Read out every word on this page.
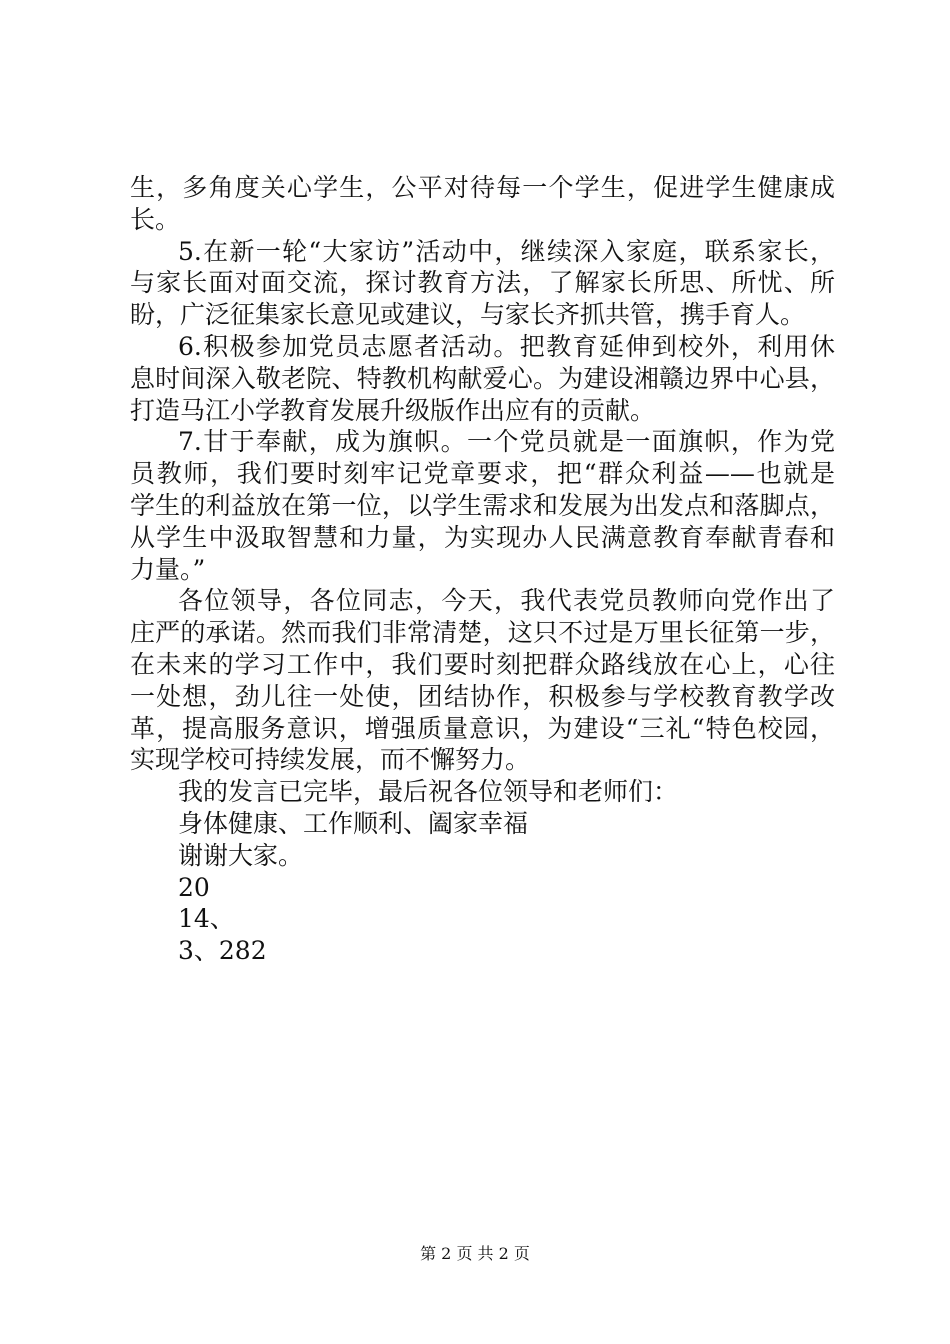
生，多角度关心学生，公平对待每一个学生，促进学生健康成
长。
5.在新一轮“大家访”活动中，继续深入家庭，联系家长，
与家长面对面交流，探讨教育方法，了解家长所思、所忧、所
盼，广泛征集家长意见或建议，与家长齐抓共管，携手育人。
6.积极参加党员志愿者活动。把教育延伸到校外，利用休
息时间深入敬老院、特教机构献爱心。为建设湘赣边界中心县，
打造马江小学教育发展升级版作出应有的贡献。
7.甘于奉献，成为旗帜。一个党员就是一面旗帜，作为党
员教师，我们要时刻牢记党章要求，把“群众利益——也就是
学生的利益放在第一位，以学生需求和发展为出发点和落脚点，
从学生中汲取智慧和力量，为实现办人民满意教育奉献青春和
力量。”
各位领导，各位同志，今天，我代表党员教师向党作出了
庄严的承诺。然而我们非常清楚，这只不过是万里长征第一步，
在未来的学习工作中，我们要时刻把群众路线放在心上，心往
一处想，劲儿往一处使，团结协作，积极参与学校教育教学改
革，提高服务意识，增强质量意识，为建设“三礼“特色校园，
实现学校可持续发展，而不懈努力。
我的发言已完毕，最后祝各位领导和老师们：
身体健康、工作顺利、阖家幸福
谢谢大家。
20
14、
3、282
第 2 页 共 2 页
